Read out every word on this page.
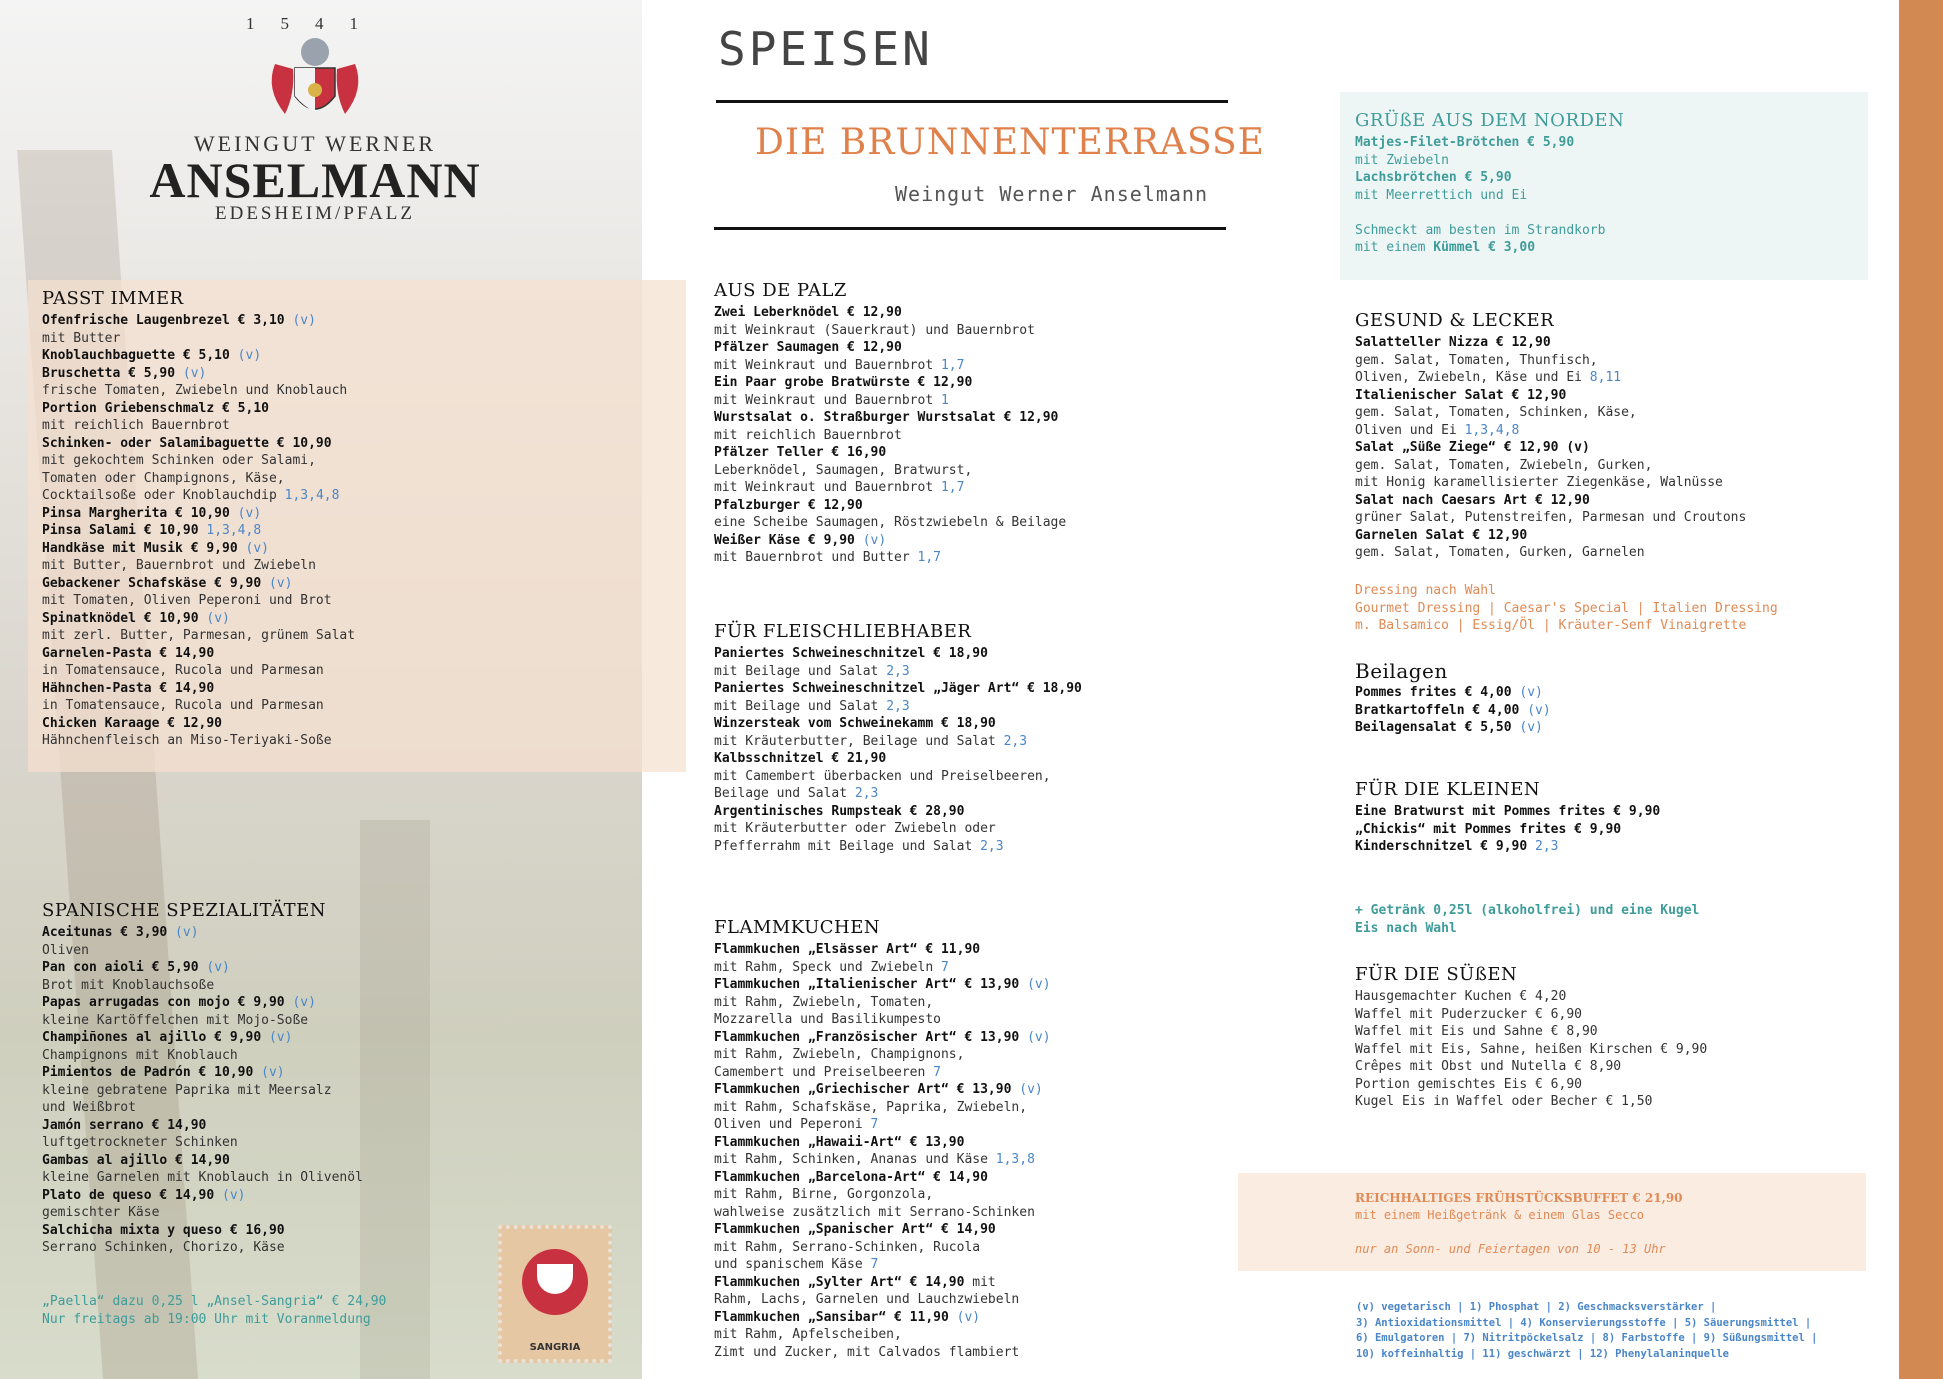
1541
WEINGUT WERNER
ANSELMANN
EDESHEIM/PFALZ
SPEISEN
DIE BRUNNENTERRASSE
Weingut Werner Anselmann
PASST IMMER
Ofenfrische Laugenbrezel € 3,10 (v)
mit Butter
Knoblauchbaguette € 5,10 (v)
Bruschetta € 5,90 (v)
frische Tomaten, Zwiebeln und Knoblauch
Portion Griebenschmalz € 5,10
mit reichlich Bauernbrot
Schinken- oder Salamibaguette € 10,90
mit gekochtem Schinken oder Salami,
Tomaten oder Champignons, Käse,
Cocktailsoße oder Knoblauchdip 1,3,4,8
Pinsa Margherita € 10,90 (v)
Pinsa Salami € 10,90 1,3,4,8
Handkäse mit Musik € 9,90 (v)
mit Butter, Bauernbrot und Zwiebeln
Gebackener Schafskäse € 9,90 (v)
mit Tomaten, Oliven Peperoni und Brot
Spinatknödel € 10,90 (v)
mit zerl. Butter, Parmesan, grünem Salat
Garnelen-Pasta € 14,90
in Tomatensauce, Rucola und Parmesan
Hähnchen-Pasta € 14,90
in Tomatensauce, Rucola und Parmesan
Chicken Karaage € 12,90
Hähnchenfleisch an Miso-Teriyaki-Soße
SPANISCHE SPEZIALITÄTEN
Aceitunas € 3,90 (v)
Oliven
Pan con aioli € 5,90 (v)
Brot mit Knoblauchsoße
Papas arrugadas con mojo € 9,90 (v)
kleine Kartöffelchen mit Mojo-Soße
Champiñones al ajillo € 9,90 (v)
Champignons mit Knoblauch
Pimientos de Padrón € 10,90 (v)
kleine gebratene Paprika mit Meersalz
und Weißbrot
Jamón serrano € 14,90
luftgetrockneter Schinken
Gambas al ajillo € 14,90
kleine Garnelen mit Knoblauch in Olivenöl
Plato de queso € 14,90 (v)
gemischter Käse
Salchicha mixta y queso € 16,90
Serrano Schinken, Chorizo, Käse
„Paella“ dazu 0,25 l „Ansel-Sangria“ € 24,90
Nur freitags ab 19:00 Uhr mit Voranmeldung
SANGRIA
AUS DE PALZ
Zwei Leberknödel € 12,90
mit Weinkraut (Sauerkraut) und Bauernbrot
Pfälzer Saumagen € 12,90
mit Weinkraut und Bauernbrot 1,7
Ein Paar grobe Bratwürste € 12,90
mit Weinkraut und Bauernbrot 1
Wurstsalat o. Straßburger Wurstsalat € 12,90
mit reichlich Bauernbrot
Pfälzer Teller € 16,90
Leberknödel, Saumagen, Bratwurst,
mit Weinkraut und Bauernbrot 1,7
Pfalzburger € 12,90
eine Scheibe Saumagen, Röstzwiebeln & Beilage
Weißer Käse € 9,90 (v)
mit Bauernbrot und Butter 1,7
FÜR FLEISCHLIEBHABER
Paniertes Schweineschnitzel € 18,90
mit Beilage und Salat 2,3
Paniertes Schweineschnitzel „Jäger Art“ € 18,90
mit Beilage und Salat 2,3
Winzersteak vom Schweinekamm € 18,90
mit Kräuterbutter, Beilage und Salat 2,3
Kalbsschnitzel € 21,90
mit Camembert überbacken und Preiselbeeren,
Beilage und Salat 2,3
Argentinisches Rumpsteak € 28,90
mit Kräuterbutter oder Zwiebeln oder
Pfefferrahm mit Beilage und Salat 2,3
FLAMMKUCHEN
Flammkuchen „Elsässer Art“ € 11,90
mit Rahm, Speck und Zwiebeln 7
Flammkuchen „Italienischer Art“ € 13,90 (v)
mit Rahm, Zwiebeln, Tomaten,
Mozzarella und Basilikumpesto
Flammkuchen „Französischer Art“ € 13,90 (v)
mit Rahm, Zwiebeln, Champignons,
Camembert und Preiselbeeren 7
Flammkuchen „Griechischer Art“ € 13,90 (v)
mit Rahm, Schafskäse, Paprika, Zwiebeln,
Oliven und Peperoni 7
Flammkuchen „Hawaii-Art“ € 13,90
mit Rahm, Schinken, Ananas und Käse 1,3,8
Flammkuchen „Barcelona-Art“ € 14,90
mit Rahm, Birne, Gorgonzola,
wahlweise zusätzlich mit Serrano-Schinken
Flammkuchen „Spanischer Art“ € 14,90
mit Rahm, Serrano-Schinken, Rucola
und spanischem Käse 7
Flammkuchen „Sylter Art“ € 14,90 mit
Rahm, Lachs, Garnelen und Lauchzwiebeln
Flammkuchen „Sansibar“ € 11,90 (v)
mit Rahm, Apfelscheiben,
Zimt und Zucker, mit Calvados flambiert
GRÜßE AUS DEM NORDEN
Matjes-Filet-Brötchen € 5,90
mit Zwiebeln
Lachsbrötchen € 5,90
mit Meerrettich und Ei

Schmeckt am besten im Strandkorb
mit einem Kümmel € 3,00
GESUND & LECKER
Salatteller Nizza € 12,90
gem. Salat, Tomaten, Thunfisch,
Oliven, Zwiebeln, Käse und Ei 8,11
Italienischer Salat € 12,90
gem. Salat, Tomaten, Schinken, Käse,
Oliven und Ei 1,3,4,8
Salat „Süße Ziege“ € 12,90 (v)
gem. Salat, Tomaten, Zwiebeln, Gurken,
mit Honig karamellisierter Ziegenkäse, Walnüsse
Salat nach Caesars Art € 12,90
grüner Salat, Putenstreifen, Parmesan und Croutons
Garnelen Salat € 12,90
gem. Salat, Tomaten, Gurken, Garnelen
Dressing nach Wahl
Gourmet Dressing | Caesar's Special | Italien Dressing
m. Balsamico | Essig/Öl | Kräuter-Senf Vinaigrette
Beilagen
Pommes frites € 4,00 (v)
Bratkartoffeln € 4,00 (v)
Beilagensalat € 5,50 (v)
FÜR DIE KLEINEN
Eine Bratwurst mit Pommes frites € 9,90
„Chickis“ mit Pommes frites € 9,90
Kinderschnitzel € 9,90 2,3
+ Getränk 0,25l (alkoholfrei) und eine Kugel
Eis nach Wahl
FÜR DIE SÜßEN
Hausgemachter Kuchen € 4,20
Waffel mit Puderzucker € 6,90
Waffel mit Eis und Sahne € 8,90
Waffel mit Eis, Sahne, heißen Kirschen € 9,90
Crêpes mit Obst und Nutella € 8,90
Portion gemischtes Eis € 6,90
Kugel Eis in Waffel oder Becher € 1,50
REICHHALTIGES FRÜHSTÜCKSBUFFET € 21,90
mit einem Heißgetränk & einem Glas Secco

nur an Sonn- und Feiertagen von 10 - 13 Uhr
(v) vegetarisch | 1) Phosphat | 2) Geschmacksverstärker |
3) Antioxidationsmittel | 4) Konservierungsstoffe | 5) Säuerungsmittel |
6) Emulgatoren | 7) Nitritpöckelsalz | 8) Farbstoffe | 9) Süßungsmittel |
10) koffeinhaltig | 11) geschwärzt | 12) Phenylalaninquelle
